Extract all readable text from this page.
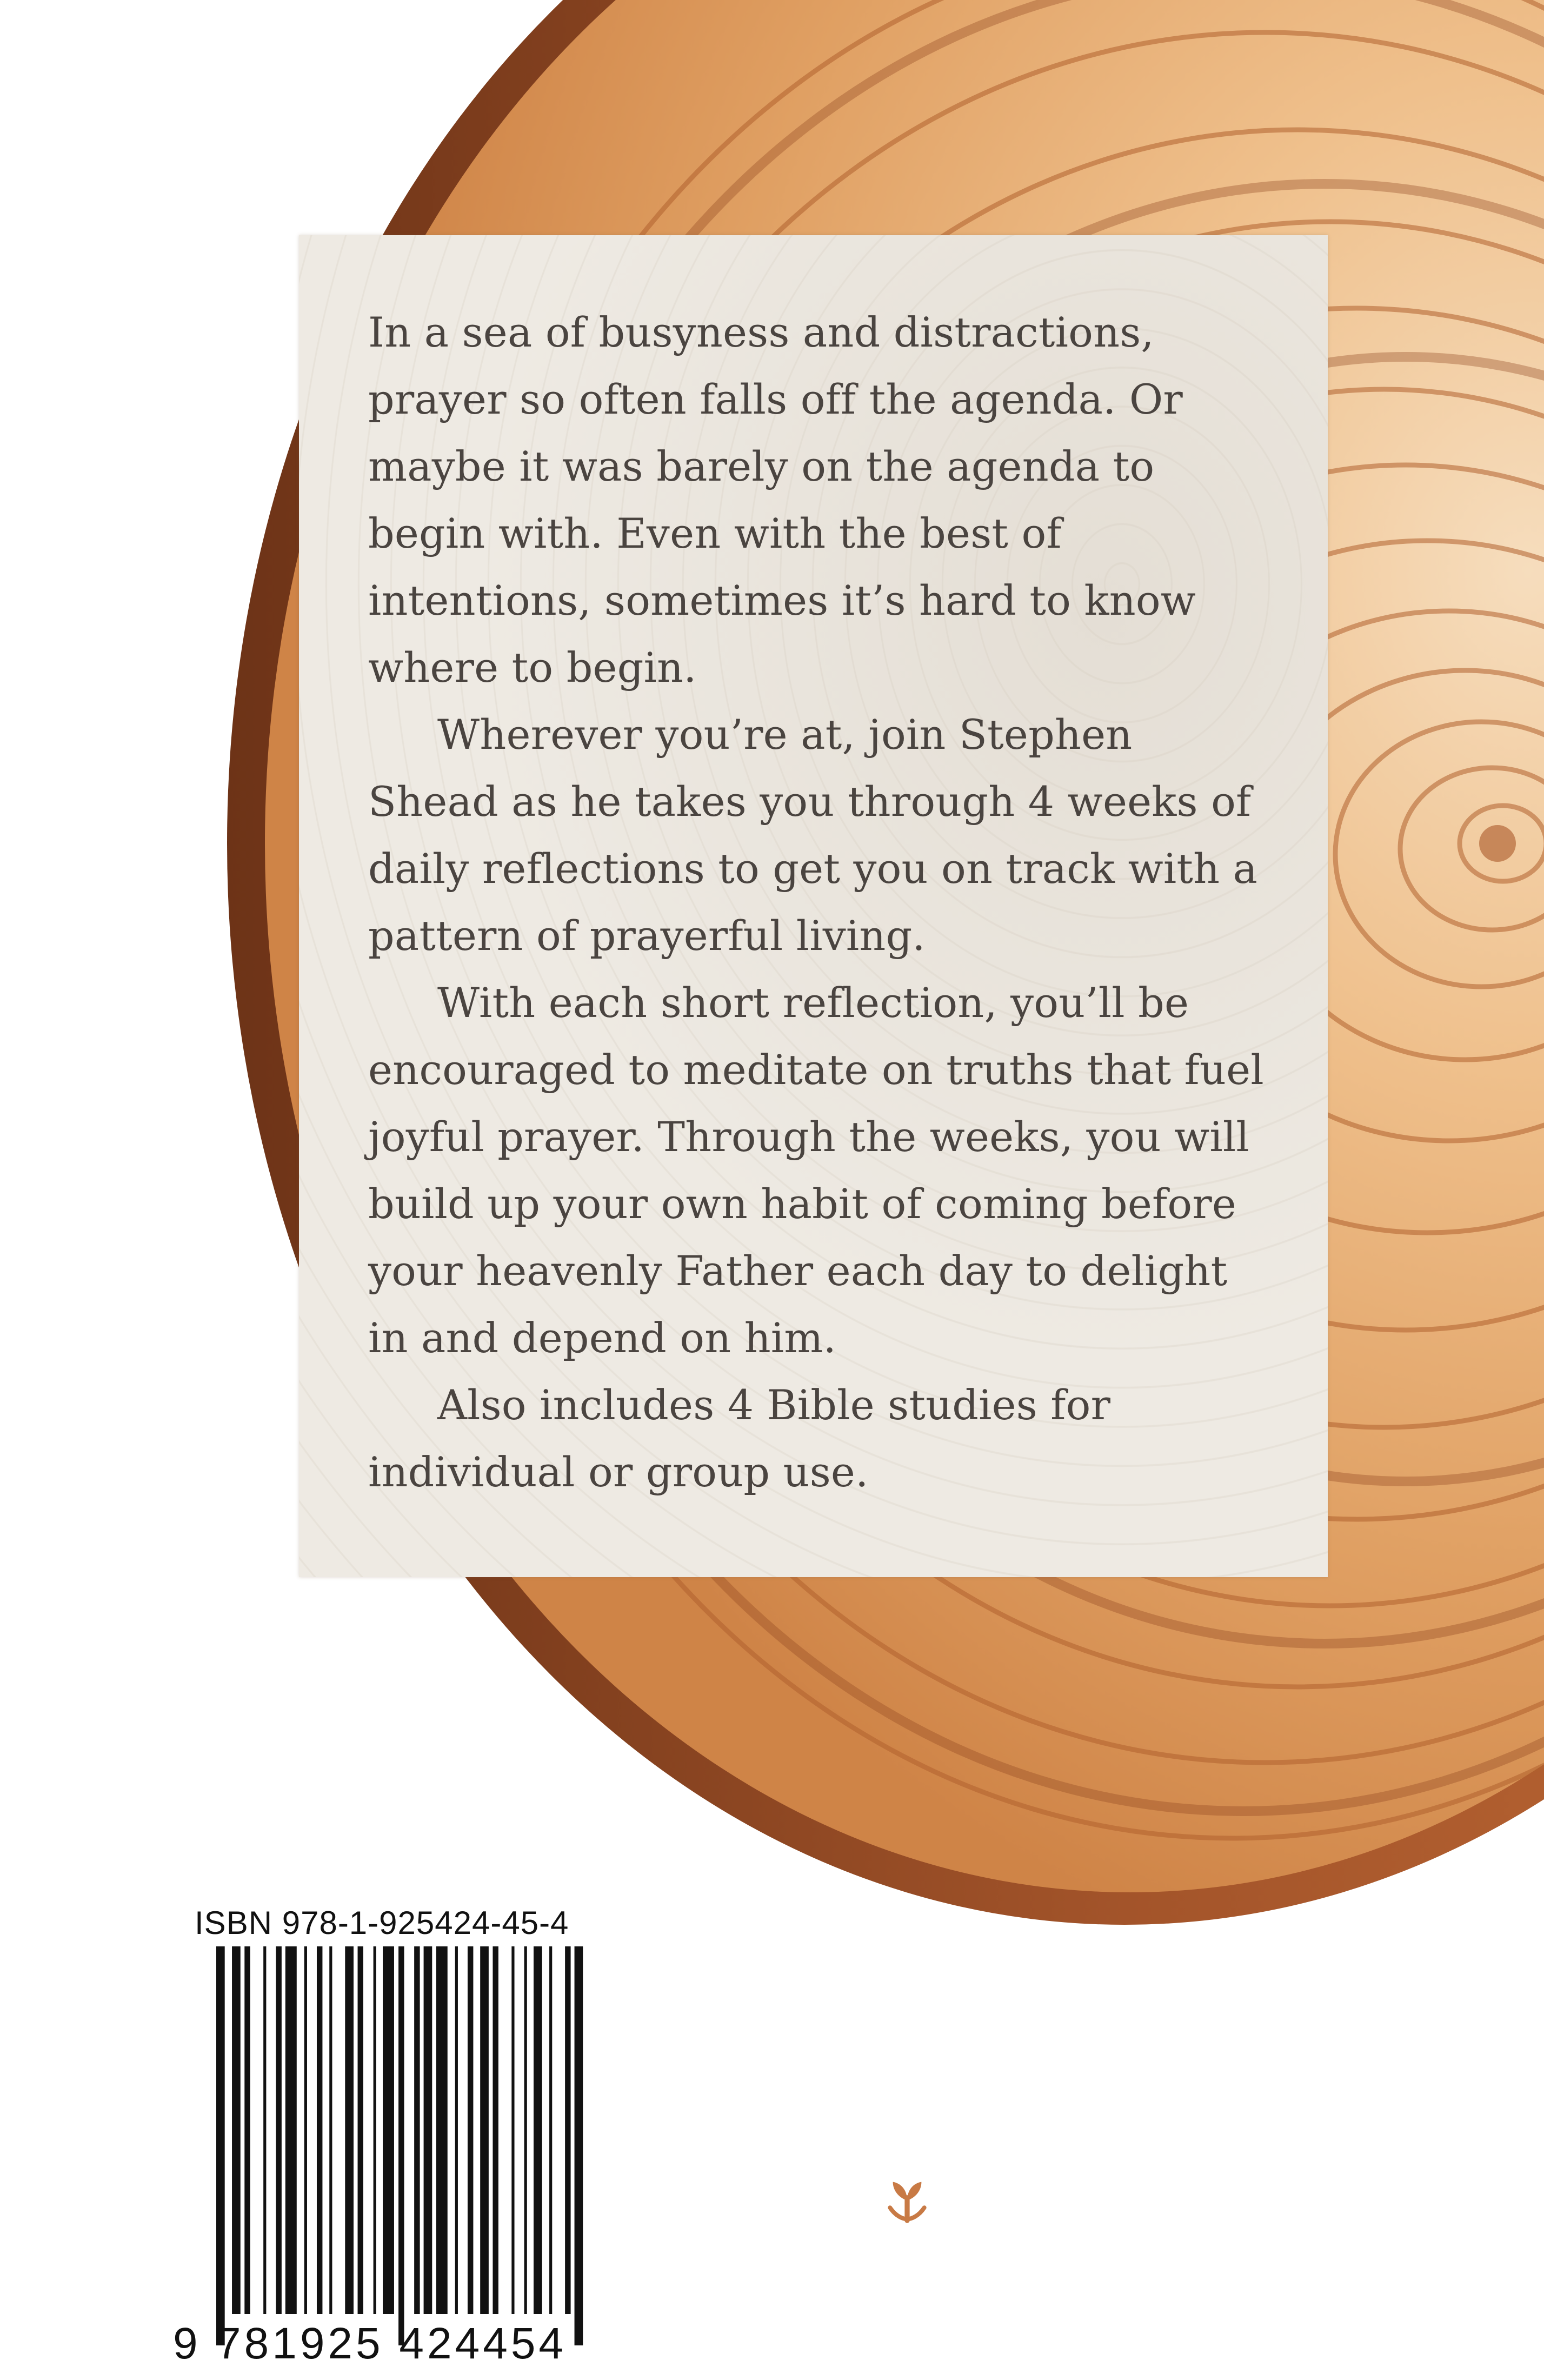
In a sea of busyness and distractions, prayer so often falls off the agenda. Or maybe it was barely on the agenda to begin with. Even with the best of intentions, sometimes it’s hard to know where to begin.

Wherever you’re at, join Stephen Shead as he takes you through 4 weeks of daily reflections to get you on track with a pattern of prayerful living.

With each short reflection, you’ll be encouraged to meditate on truths that fuel joyful prayer. Through the weeks, you will build up your own habit of coming before your heavenly Father each day to delight in and depend on him.

Also includes 4 Bible studies for individual or group use.

ISBN 978-1-925424-45-4
9 781925 424454
matthiasmedia
